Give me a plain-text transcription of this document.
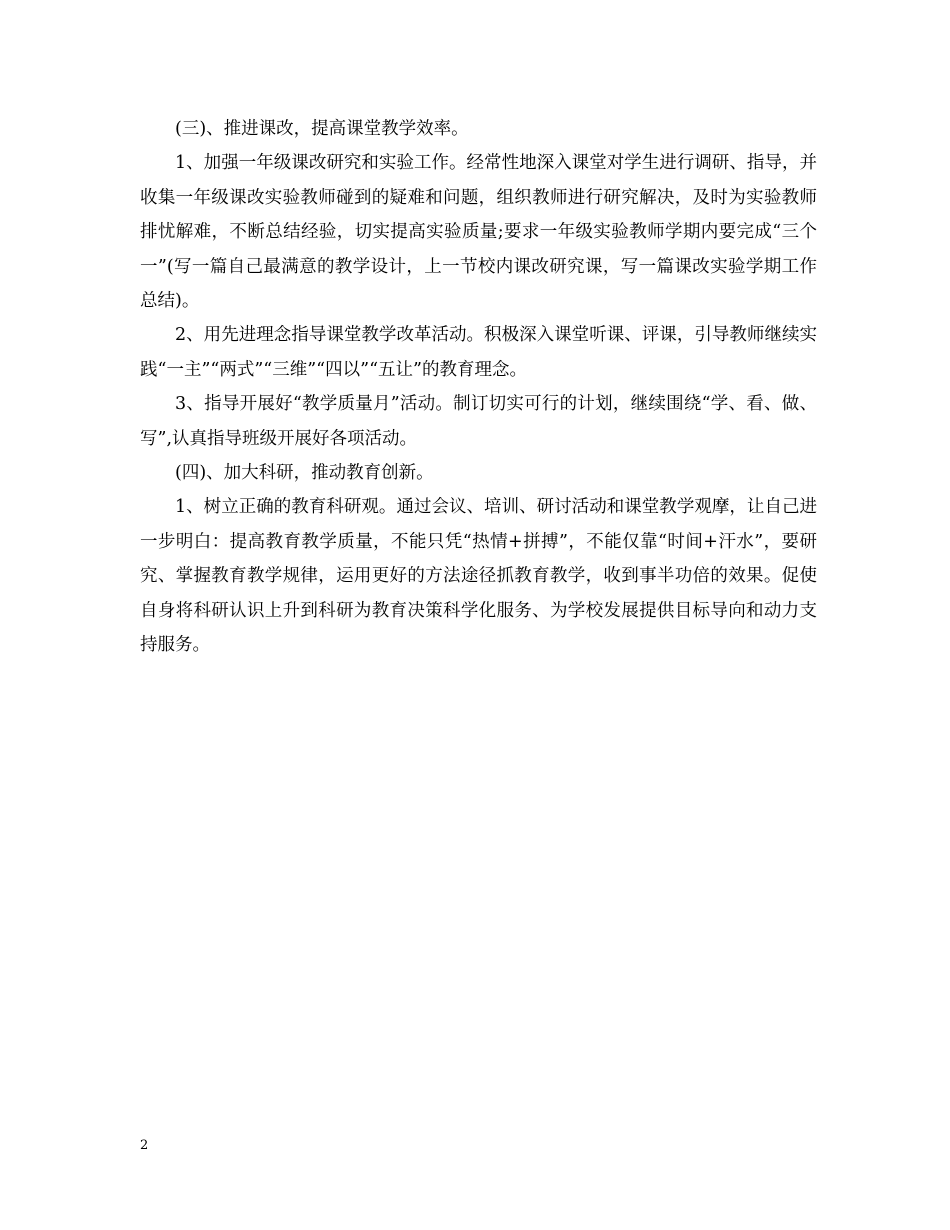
(三)、推进课改，提高课堂教学效率。

1、加强一年级课改研究和实验工作。经常性地深入课堂对学生进行调研、指导，并收集一年级课改实验教师碰到的疑难和问题，组织教师进行研究解决，及时为实验教师排忧解难，不断总结经验，切实提高实验质量;要求一年级实验教师学期内要完成“三个一”(写一篇自己最满意的教学设计，上一节校内课改研究课，写一篇课改实验学期工作总结)。

2、用先进理念指导课堂教学改革活动。积极深入课堂听课、评课，引导教师继续实践“一主”“两式”“三维”“四以”“五让”的教育理念。

3、指导开展好“教学质量月”活动。制订切实可行的计划，继续围绕“学、看、做、写”,认真指导班级开展好各项活动。

(四)、加大科研，推动教育创新。

1、树立正确的教育科研观。通过会议、培训、研讨活动和课堂教学观摩，让自己进一步明白：提高教育教学质量，不能只凭“热情+拼搏”，不能仅靠“时间+汗水”，要研究、掌握教育教学规律，运用更好的方法途径抓教育教学，收到事半功倍的效果。促使自身将科研认识上升到科研为教育决策科学化服务、为学校发展提供目标导向和动力支持服务。

2
